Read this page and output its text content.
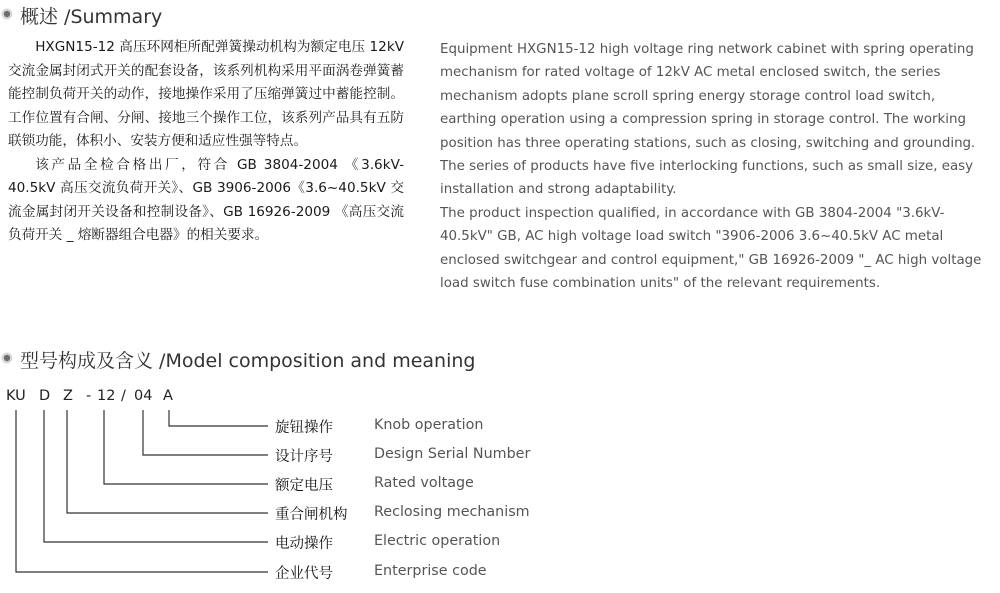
概述 /Summary

HXGN15-12 高压环网柜所配弹簧操动机构为额定电压 12kV 交流金属封闭式开关的配套设备，该系列机构采用平面涡卷弹簧蓄能控制负荷开关的动作，接地操作采用了压缩弹簧过中蓄能控制。工作位置有合闸、分闸、接地三个操作工位，该系列产品具有五防联锁功能，体积小、安装方便和适应性强等特点。

该产品全检合格出厂，符合 GB 3804-2004 《3.6kV-40.5kV 高压交流负荷开关》、GB 3906-2006《3.6~40.5kV 交流金属封闭开关设备和控制设备》、GB 16926-2009 《高压交流负荷开关 _ 熔断器组合电器》的相关要求。

Equipment HXGN15-12 high voltage ring network cabinet with spring operating mechanism for rated voltage of 12kV AC metal enclosed switch, the series mechanism adopts plane scroll spring energy storage control load switch, earthing operation using a compression spring in storage control. The working position has three operating stations, such as closing, switching and grounding. The series of products have five interlocking functions, such as small size, easy installation and strong adaptability.

The product inspection qualified, in accordance with GB 3804-2004 "3.6kV-40.5kV" GB, AC high voltage load switch "3906-2006 3.6~40.5kV AC metal enclosed switchgear and control equipment," GB 16926-2009 "_ AC high voltage load switch fuse combination units" of the relevant requirements.

型号构成及含义 /Model composition and meaning
KU D Z - 12 / 04 A
旋钮操作	Knob operation
设计序号	Design Serial Number
额定电压	Rated voltage
重合闸机构 Reclosing mechanism
电动操作	Electric operation
企业代号	Enterprise code
